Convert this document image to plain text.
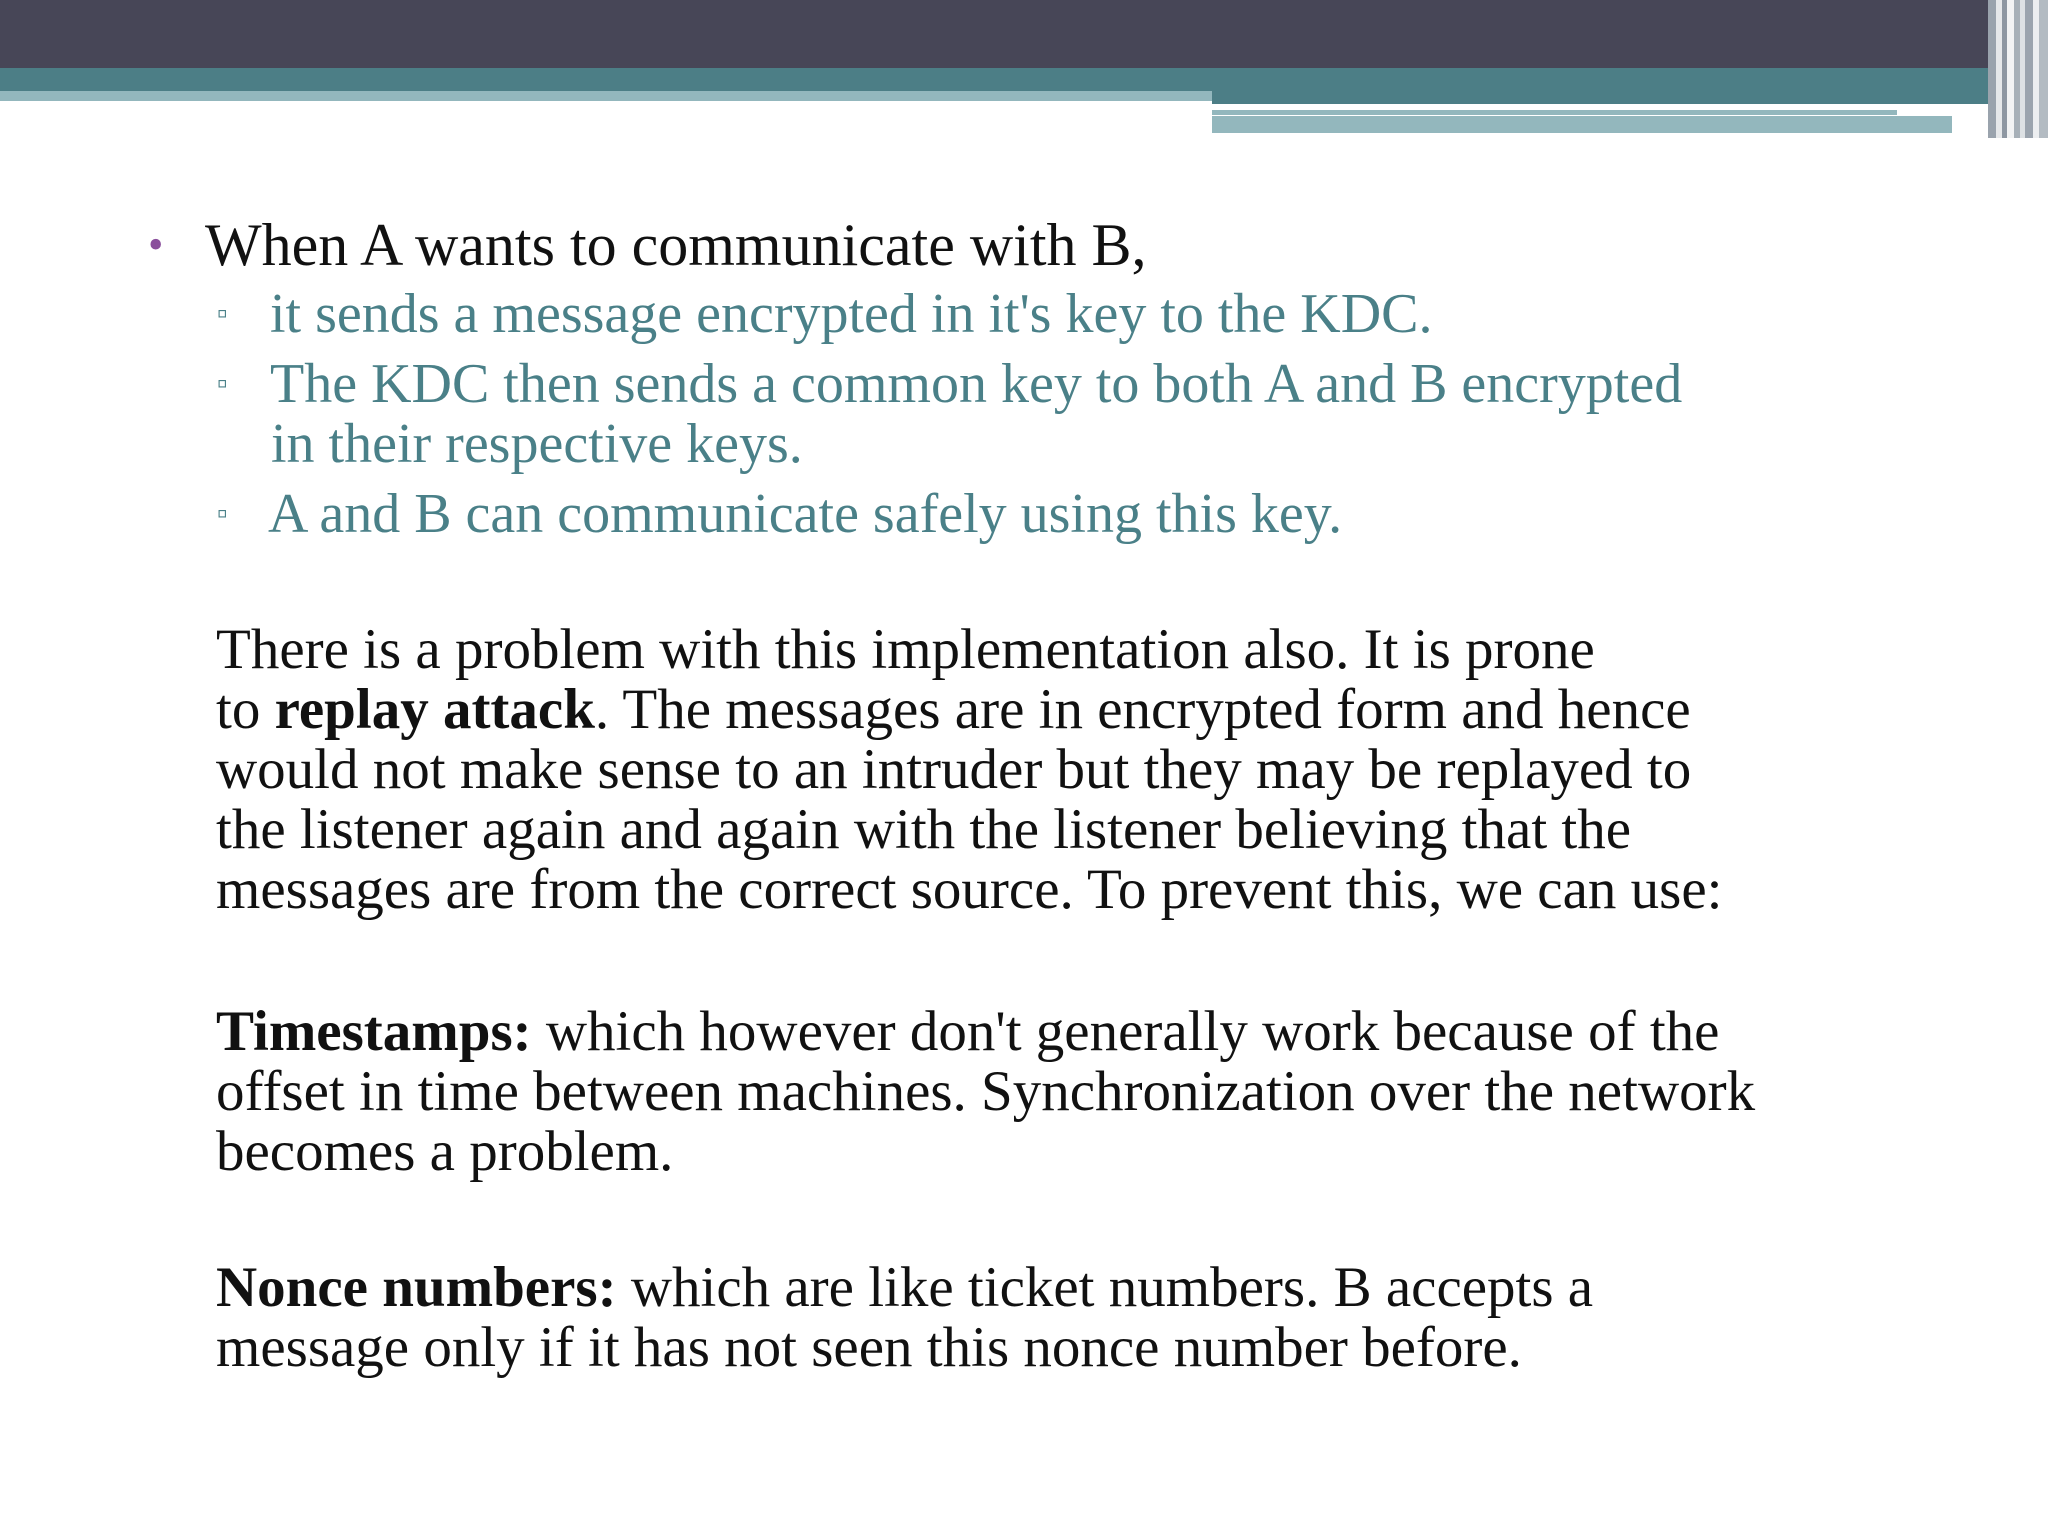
• When A wants to communicate with B,
▫ it sends a message encrypted in it's key to the KDC.
▫ The KDC then sends a common key to both A and B encrypted
in their respective keys.
▫ A and B can communicate safely using this key.
There is a problem with this implementation also. It is prone
to replay attack. The messages are in encrypted form and hence
would not make sense to an intruder but they may be replayed to
the listener again and again with the listener believing that the
messages are from the correct source. To prevent this, we can use:
Timestamps: which however don't generally work because of the
offset in time between machines. Synchronization over the network
becomes a problem.
Nonce numbers: which are like ticket numbers. B accepts a
message only if it has not seen this nonce number before.
